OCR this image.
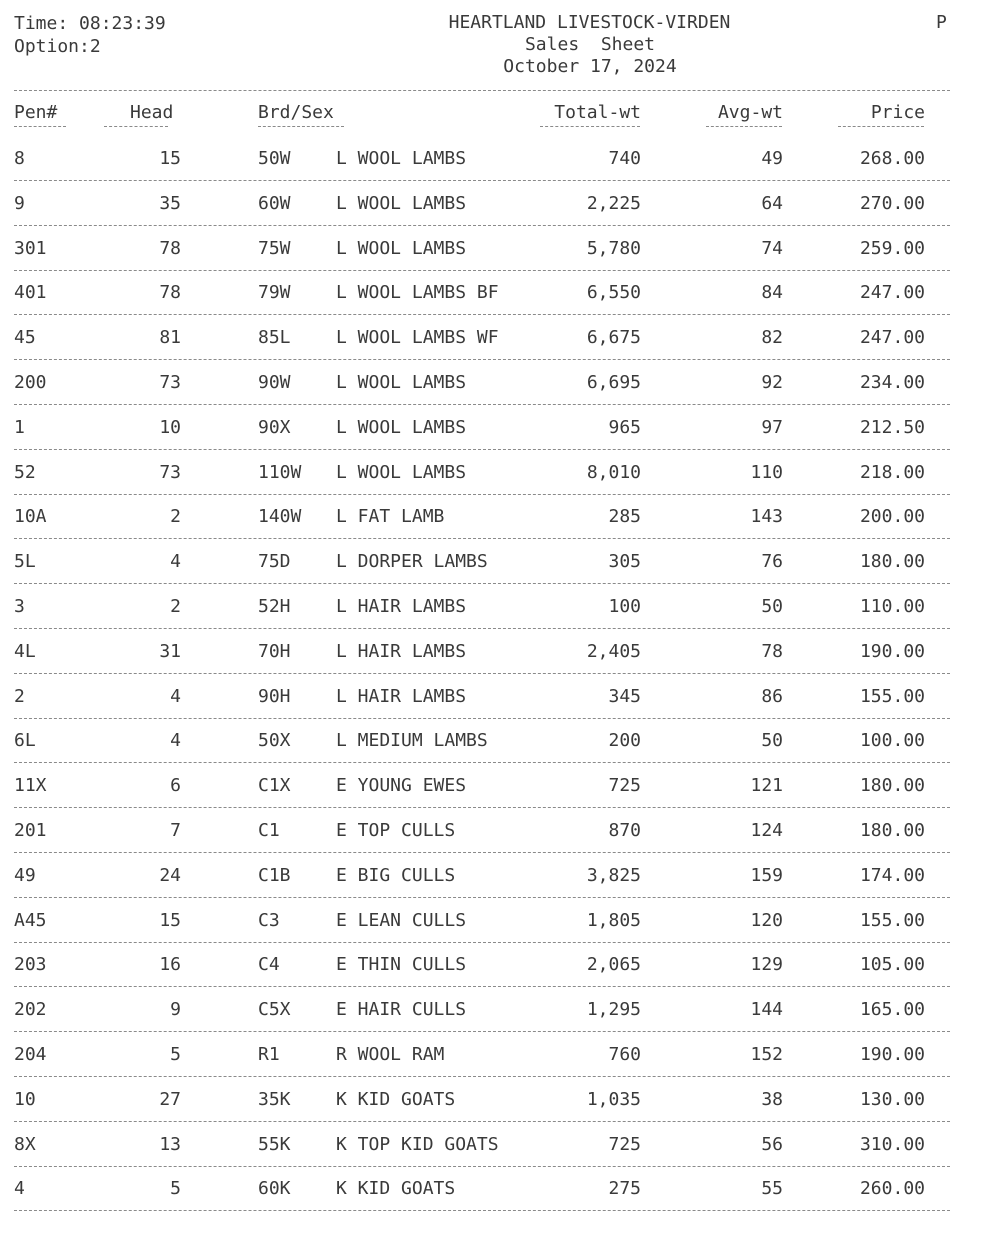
Time: 08:23:39
Option:2
HEARTLAND LIVESTOCK-VIRDEN
Sales  Sheet
October 17, 2024
P
Pen#	Head	Brd/Sex	Total-wt	Avg-wt	Price
8	15	50W	L WOOL LAMBS	740	49	268.00
9	35	60W	L WOOL LAMBS	2,225	64	270.00
301	78	75W	L WOOL LAMBS	5,780	74	259.00
401	78	79W	L WOOL LAMBS BF	6,550	84	247.00
45	81	85L	L WOOL LAMBS WF	6,675	82	247.00
200	73	90W	L WOOL LAMBS	6,695	92	234.00
1	10	90X	L WOOL LAMBS	965	97	212.50
52	73	110W L WOOL LAMBS	8,010	110	218.00
10A	2	140W L FAT LAMB	285	143	200.00
5L	4	75D	L DORPER LAMBS	305	76	180.00
3	2	52H	L HAIR LAMBS	100	50	110.00
4L	31	70H	L HAIR LAMBS	2,405	78	190.00
2	4	90H	L HAIR LAMBS	345	86	155.00
6L	4	50X	L MEDIUM LAMBS	200	50	100.00
11X	6	C1X	E YOUNG EWES	725	121	180.00
201	7	C1	E TOP CULLS	870	124	180.00
49	24	C1B	E BIG CULLS	3,825	159	174.00
A45	15	C3	E LEAN CULLS	1,805	120	155.00
203	16	C4	E THIN CULLS	2,065	129	105.00
202	9	C5X	E HAIR CULLS	1,295	144	165.00
204	5	R1	R WOOL RAM	760	152	190.00
10	27	35K	K KID GOATS	1,035	38	130.00
8X	13	55K	K TOP KID GOATS	725	56	310.00
4	5	60K	K KID GOATS	275	55	260.00
